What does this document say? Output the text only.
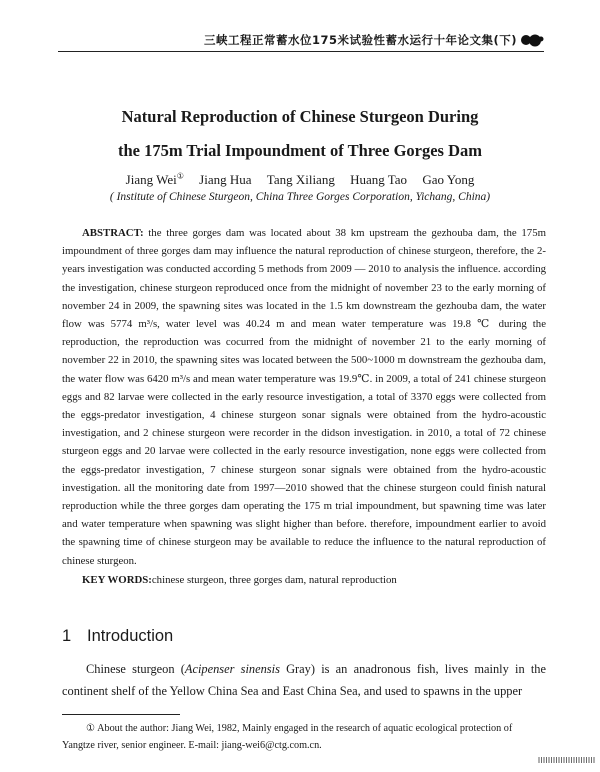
三峡工程正常蓄水位175米试验性蓄水运行十年论文集(下)
Natural Reproduction of Chinese Sturgeon During
the 175m Trial Impoundment of Three Gorges Dam
Jiang Wei① Jiang Hua Tang Xiliang Huang Tao Gao Yong
( Institute of Chinese Sturgeon, China Three Gorges Corporation, Yichang, China)

ABSTRACT: the three gorges dam was located about 38 km upstream the gezhouba dam, the 175m impoundment of three gorges dam may influence the natural reproduction of chinese sturgeon, therefore, the 2-years investigation was conducted according 5 methods from 2009 — 2010 to analysis the influence. according the investigation, chinese sturgeon reproduced once from the midnight of november 23 to the early morning of november 24 in 2009, the spawning sites was located in the 1.5 km downstream the gezhouba dam, the water flow was 5774 m³/s, water level was 40.24 m and mean water temperature was 19.8 ℃ during the reproduction, the reproduction was cocurred from the midnight of november 21 to the early morning of november 22 in 2010, the spawning sites was located between the 500~1000 m downstream the gezhouba dam, the water flow was 6420 m³/s and mean water temperature was 19.9℃. in 2009, a total of 241 chinese sturgeon eggs and 82 larvae were collected in the early resource investigation, a total of 3370 eggs were collected from the eggs-predator investigation, 4 chinese sturgeon sonar signals were obtained from the hydro-acoustic investigation, and 2 chinese sturgeon were recorder in the didson investigation. in 2010, a total of 72 chinese sturgeon eggs and 20 larvae were collected in the early resource investigation, none eggs were collected from the eggs-predator investigation, 7 chinese sturgeon sonar signals were obtained from the hydro-acoustic investigation. all the monitoring date from 1997—2010 showed that the chinese sturgeon could finish natural reproduction while the three gorges dam operating the 175 m trial impoundment, but spawning time was later and water temperature when spawning was slight higher than before. therefore, impoundment earlier to avoid the spawning time of chinese sturgeon may be available to reduce the influence to the natural reproduction of chinese sturgeon.

KEY WORDS:chinese sturgeon, three gorges dam, natural reproduction

1 Introduction

Chinese sturgeon (Acipenser sinensis Gray) is an anadronous fish, lives mainly in the continent shelf of the Yellow China Sea and East China Sea, and used to spawns in the upper

① About the author: Jiang Wei, 1982, Mainly engaged in the research of aquatic ecological protection of Yangtze river, senior engineer. E-mail: jiang-wei6@ctg.com.cn.
